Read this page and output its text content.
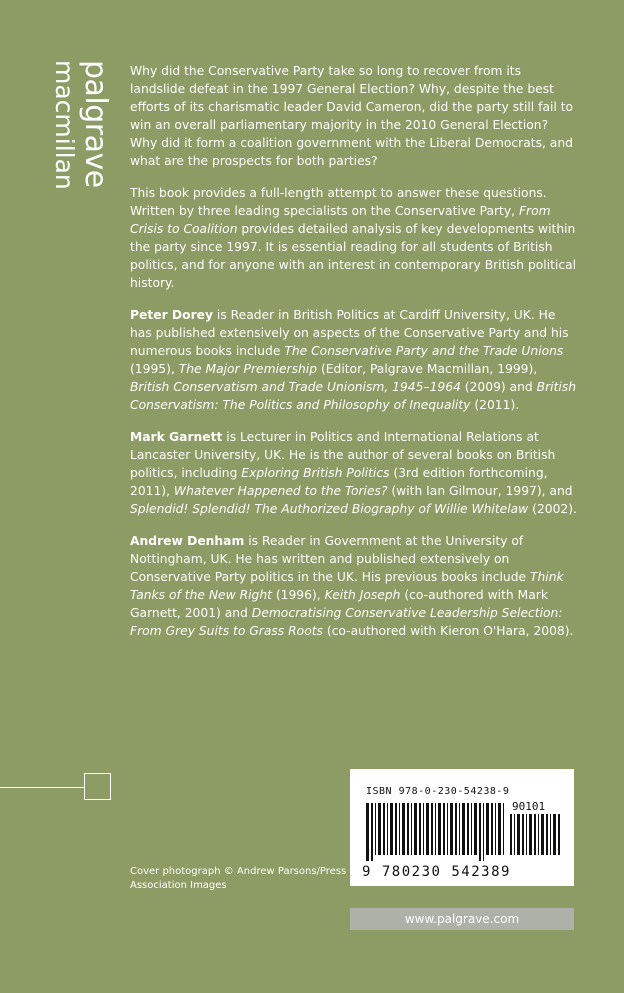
palgrave
macmillan	Why did the Conservative Party take so long to recover from its landslide defeat in the 1997 General Election? Why, despite the best efforts of its charismatic leader David Cameron, did the party still fail to win an overall parliamentary majority in the 2010 General Election? Why did it form a coalition government with the Liberal Democrats, and what are the prospects for both parties?

This book provides a full-length attempt to answer these questions. Written by three leading specialists on the Conservative Party, From Crisis to Coalition provides detailed analysis of key developments within the party since 1997. It is essential reading for all students of British politics, and for anyone with an interest in contemporary British political history.

Peter Dorey is Reader in British Politics at Cardiff University, UK. He has published extensively on aspects of the Conservative Party and his numerous books include The Conservative Party and the Trade Unions (1995), The Major Premiership (Editor, Palgrave Macmillan, 1999), British Conservatism and Trade Unionism, 1945–1964 (2009) and British Conservatism: The Politics and Philosophy of Inequality (2011).

Mark Garnett is Lecturer in Politics and International Relations at Lancaster University, UK. He is the author of several books on British politics, including Exploring British Politics (3rd edition forthcoming, 2011), Whatever Happened to the Tories? (with Ian Gilmour, 1997), and Splendid! Splendid! The Authorized Biography of Willie Whitelaw (2002).

Andrew Denham is Reader in Government at the University of Nottingham, UK. He has written and published extensively on Conservative Party politics in the UK. His previous books include Think Tanks of the New Right (1996), Keith Joseph (co-authored with Mark Garnett, 2001) and Democratising Conservative Leadership Selection: From Grey Suits to Grass Roots (co-authored with Kieron O'Hara, 2008).

Cover photograph © Andrew Parsons/Press Association Images
ISBN 978-0-230-54238-9
90101
9 780230 542389
www.palgrave.com
